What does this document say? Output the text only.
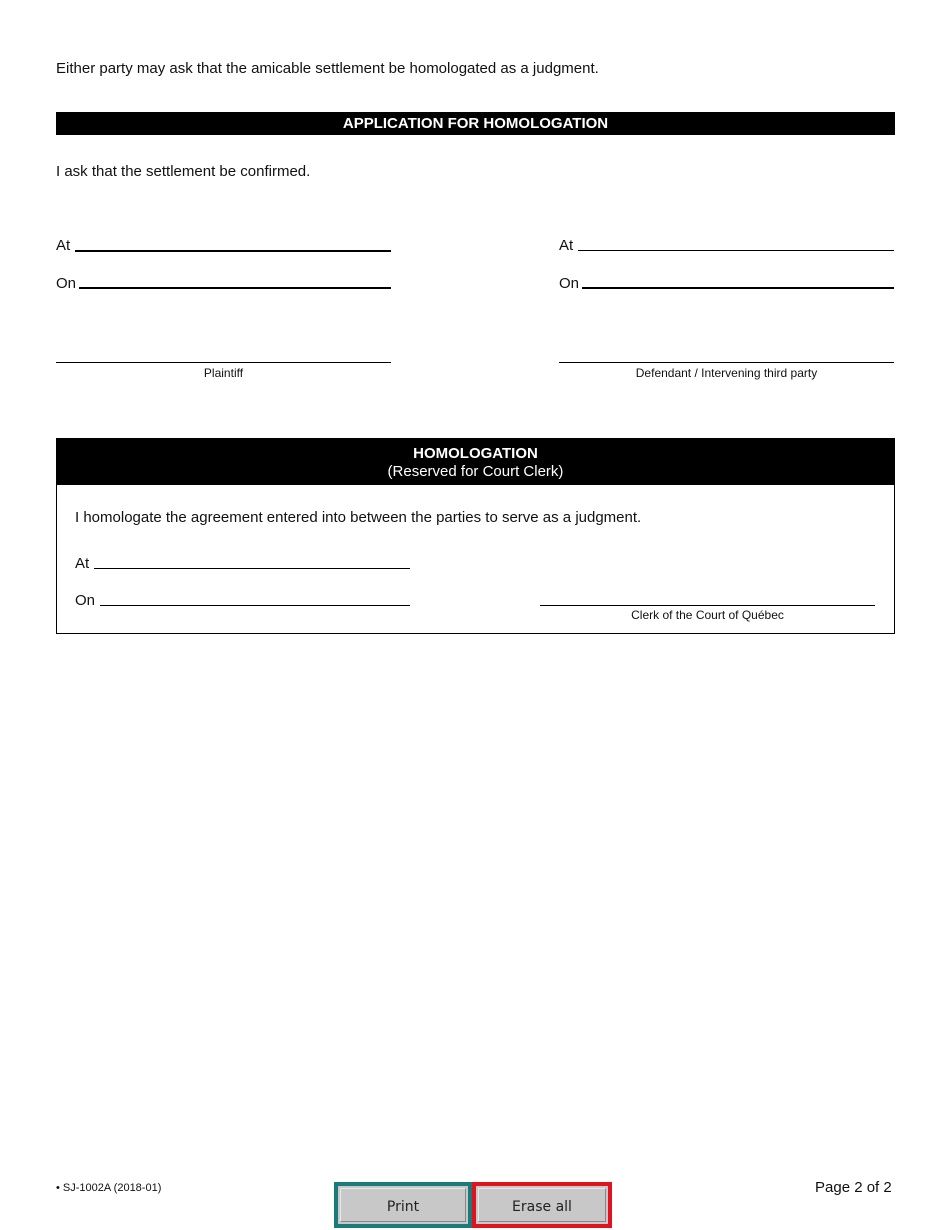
Either party may ask that the amicable settlement be homologated as a judgment.
APPLICATION FOR HOMOLOGATION
I ask that the settlement be confirmed.
At
On
Plaintiff
At
On
Defendant / Intervening third party
HOMOLOGATION
(Reserved for Court Clerk)
I homologate the agreement entered into between the parties to serve as a judgment.
At
On
Clerk of the Court of Québec
• SJ-1002A (2018-01)	Page 2 of 2
Print	Erase all
